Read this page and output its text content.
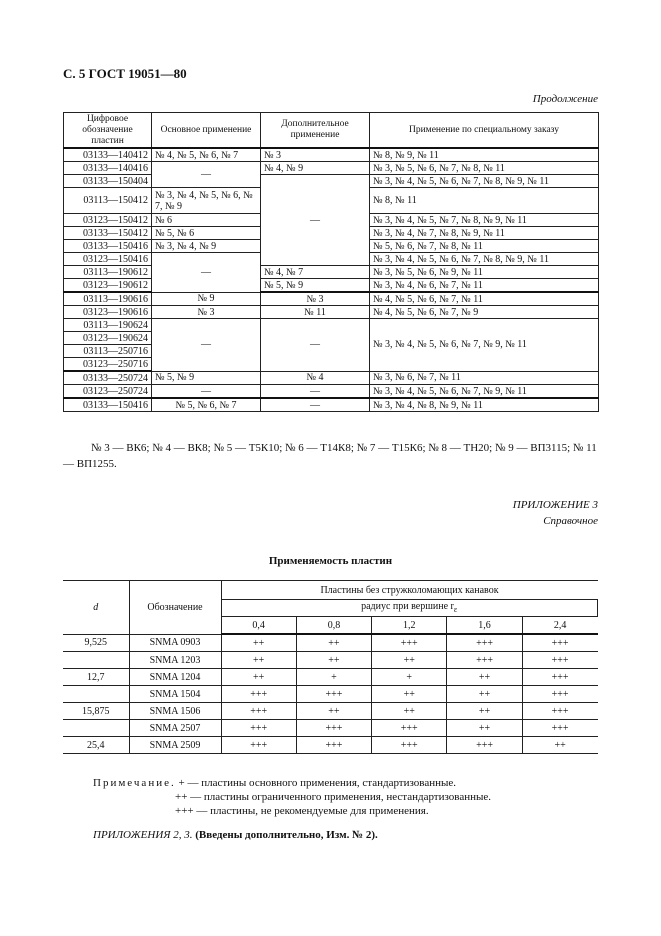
С. 5 ГОСТ 19051—80
Продолжение
Цифровое обозначение пластин	Основное применение	Дополнительное применение	Применение по специальному заказу
03133—140412	№ 4, № 5, № 6, № 7	№ 3	№ 8, № 9, № 11
03133—140416	—	№ 4, № 9	№ 3, № 5, № 6, № 7, № 8, № 11
03133—150404		—	№ 3, № 4, № 5, № 6, № 7, № 8, № 9, № 11
03113—150412	№ 3, № 4, № 5, № 6, № 7, № 9		№ 8, № 11
03123—150412	№ 6		№ 3, № 4, № 5, № 7, № 8, № 9, № 11
03133—150412	№ 5, № 6		№ 3, № 4, № 7, № 8, № 9, № 11
03133—150416	№ 3, № 4, № 9		№ 5, № 6, № 7, № 8, № 11
03123—150416	—		№ 3, № 4, № 5, № 6, № 7, № 8, № 9, № 11
03113—190612		№ 4, № 7	№ 3, № 5, № 6, № 9, № 11
03123—190612		№ 5, № 9	№ 3, № 4, № 6, № 7, № 11
03113—190616	№ 9	№ 3	№ 4, № 5, № 6, № 7, № 11
03123—190616	№ 3	№ 11	№ 4, № 5, № 6, № 7, № 9
03113—190624	—	—	№ 3, № 4, № 5, № 6, № 7, № 9, № 11
03123—190624			
03113—250716			
03123—250716			
03133—250724	№ 5, № 9	№ 4	№ 3, № 6, № 7, № 11
03123—250724	—	—	№ 3, № 4, № 5, № 6, № 7, № 9, № 11
03133—150416	№ 5, № 6, № 7	—	№ 3, № 4, № 8, № 9, № 11
№ 3 — ВК6; № 4 — ВК8; № 5 — Т5К10; № 6 — Т14К8; № 7 — Т15К6; № 8 — ТН20; № 9 — ВП3115; № 11 — ВП1255.
ПРИЛОЖЕНИЕ 3
Справочное
Применяемость пластин
d	Обозначение	Пластины без стружколомающих канавок				
		радиус при вершине $r_\varepsilon$
		0,4	0,8	1,2	1,6	2,4
9,525	SNMA 0903	++	++	+++	+++	+++
	SNMA 1203	++	++	++	+++	+++
12,7	SNMA 1204	++	+	+	++	+++
	SNMA 1504	+++	+++	++	++	+++
15,875	SNMA 1506	+++	++	++	++	+++
	SNMA 2507	+++	+++	+++	++	+++
25,4	SNMA 2509	+++	+++	+++	+++	++
Примечание. + — пластины основного применения, стандартизованные.
++ — пластины ограниченного применения, нестандартизованные.
+++ — пластины, не рекомендуемые для применения.
ПРИЛОЖЕНИЯ 2, 3. (Введены дополнительно, Изм. № 2).
